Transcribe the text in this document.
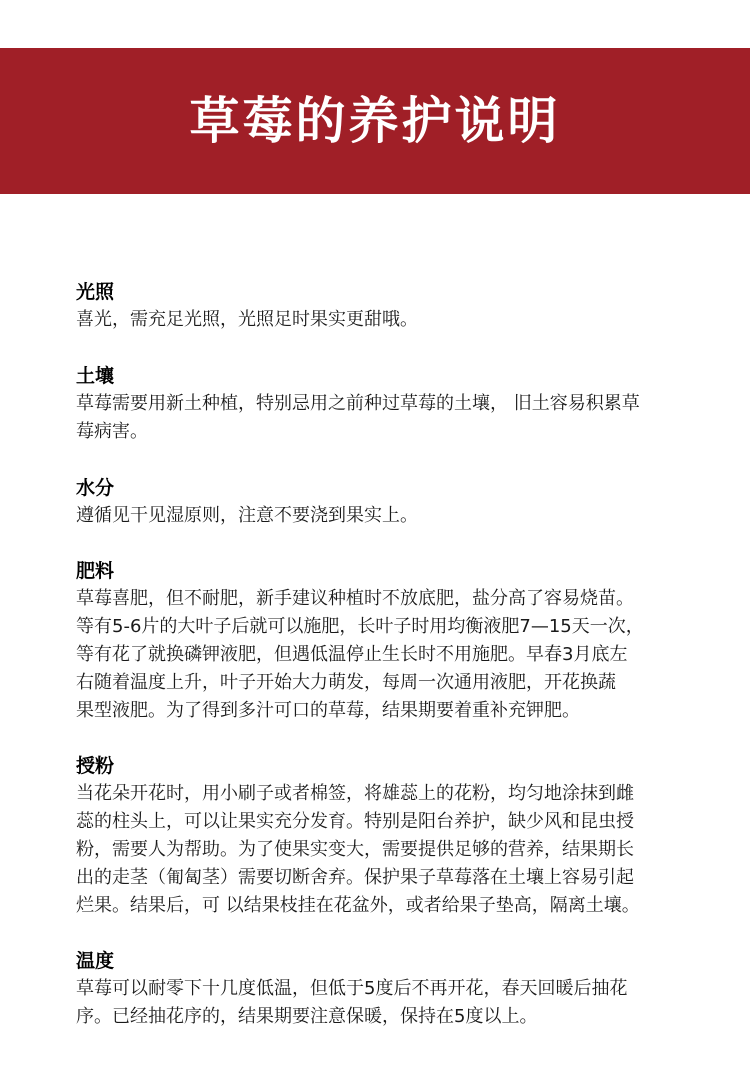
草莓的养护说明
光照
喜光，需充足光照，光照足时果实更甜哦。
土壤
草莓需要用新土种植，特别忌用之前种过草莓的土壤， 旧土容易积累草
莓病害。
水分
遵循见干见湿原则，注意不要浇到果实上。
肥料
草莓喜肥，但不耐肥，新手建议种植时不放底肥，盐分高了容易烧苗。
等有5-6片的大叶子后就可以施肥，长叶子时用均衡液肥7—15天一次，
等有花了就换磷钾液肥，但遇低温停止生长时不用施肥。早春3月底左
右随着温度上升，叶子开始大力萌发，每周一次通用液肥，开花换蔬
果型液肥。为了得到多汁可口的草莓，结果期要着重补充钾肥。
授粉
当花朵开花时，用小刷子或者棉签，将雄蕊上的花粉，均匀地涂抹到雌
蕊的柱头上，可以让果实充分发育。特别是阳台养护，缺少风和昆虫授
粉，需要人为帮助。为了使果实变大，需要提供足够的营养，结果期长
出的走茎（匍匐茎）需要切断舍弃。保护果子草莓落在土壤上容易引起
烂果。结果后，可 以结果枝挂在花盆外，或者给果子垫高，隔离土壤。
温度
草莓可以耐零下十几度低温，但低于5度后不再开花，春天回暖后抽花
序。已经抽花序的，结果期要注意保暖，保持在5度以上。
